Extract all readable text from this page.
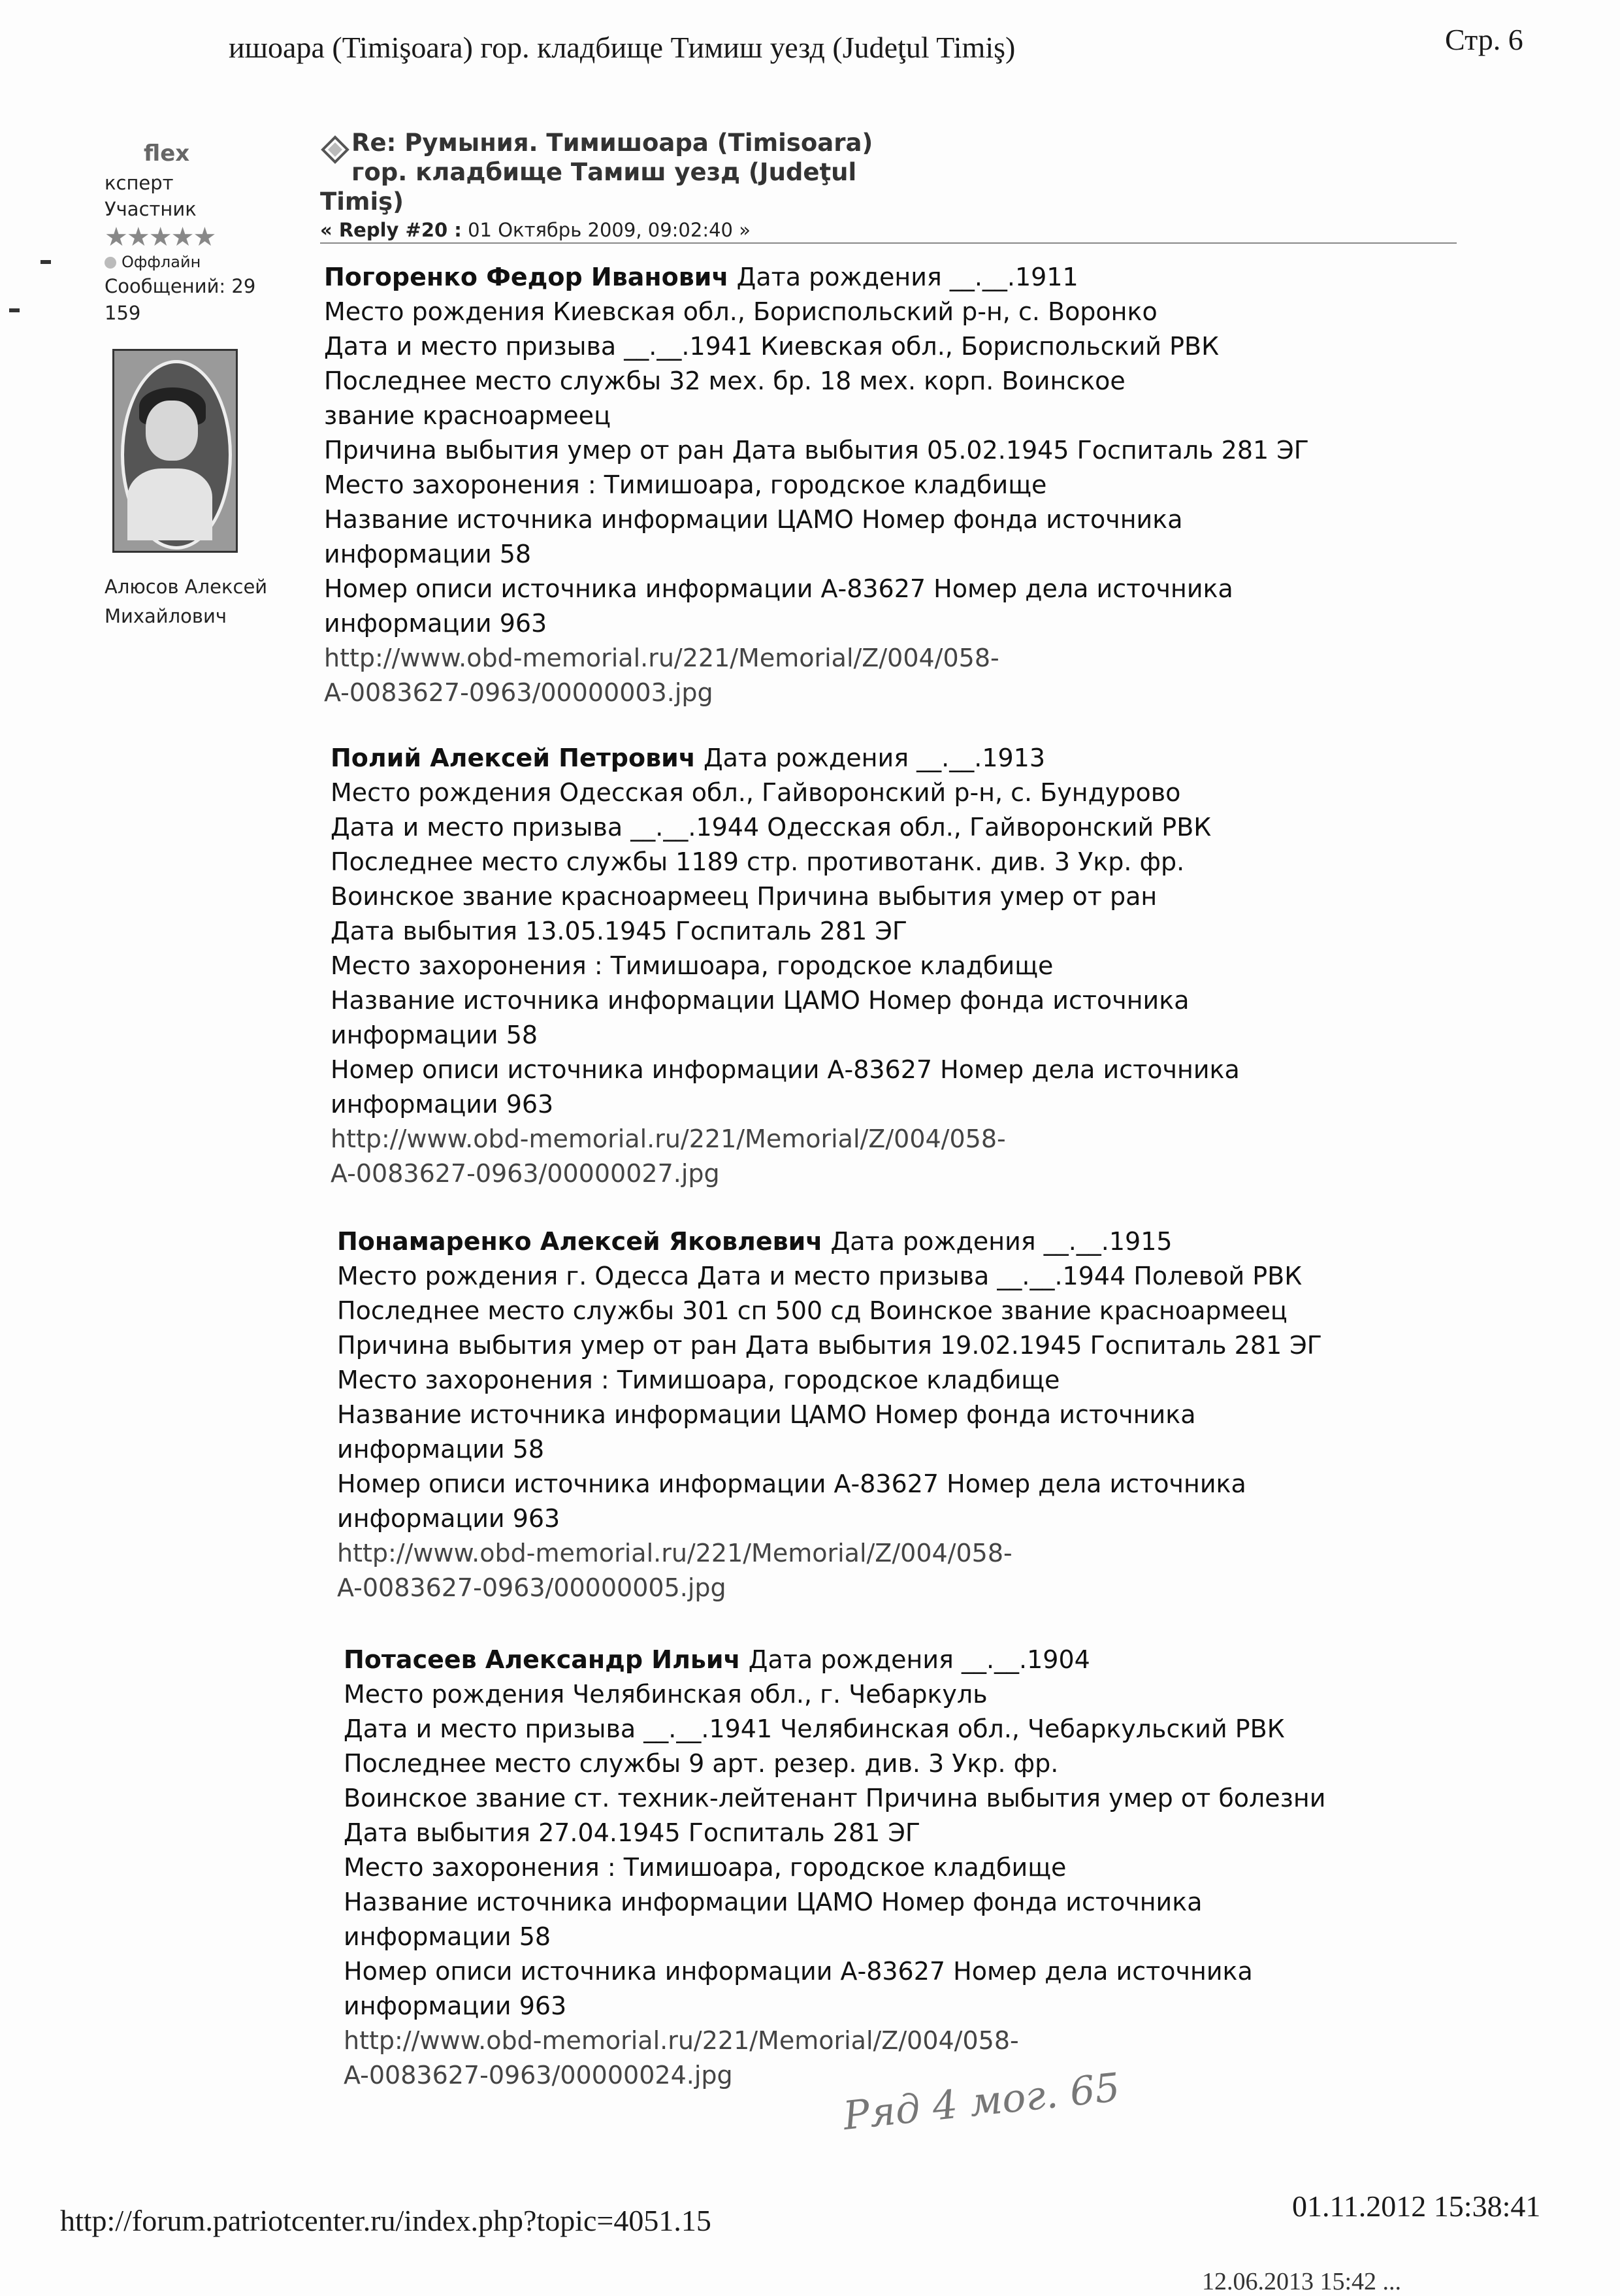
ишоара (Timişoara) гор. кладбище Тимиш уезд (Judeţul Timiş)	Стр. 6
flex
ксперт
Участник
★★★★★
Оффлайн
Сообщений: 29
159
Алюсов Алексей
Михайлович
Re: Румыния. Тимишоара (Timisoara)
гор. кладбище Тамиш уезд (Judeţul
Timiş)
« Reply #20 : 01 Октябрь 2009, 09:02:40 »
Погоренко Федор Иванович Дата рождения __.__.1911
Место рождения Киевская обл., Бориспольский р-н, с. Воронко
Дата и место призыва __.__.1941 Киевская обл., Бориспольский РВК
Последнее место службы 32 мех. бр. 18 мех. корп. Воинское
звание красноармеец
Причина выбытия умер от ран Дата выбытия 05.02.1945 Госпиталь 281 ЭГ
Место захоронения : Тимишоара, городское кладбище
Название источника информации ЦАМО Номер фонда источника
информации 58
Номер описи источника информации А-83627 Номер дела источника
информации 963
http://www.obd-memorial.ru/221/Memorial/Z/004/058-
A-0083627-0963/00000003.jpg
Полий Алексей Петрович Дата рождения __.__.1913
Место рождения Одесская обл., Гайворонский р-н, с. Бундурово
Дата и место призыва __.__.1944 Одесская обл., Гайворонский РВК
Последнее место службы 1189 стр. противотанк. див. 3 Укр. фр.
Воинское звание красноармеец Причина выбытия умер от ран
Дата выбытия 13.05.1945 Госпиталь 281 ЭГ
Место захоронения : Тимишоара, городское кладбище
Название источника информации ЦАМО Номер фонда источника
информации 58
Номер описи источника информации А-83627 Номер дела источника
информации 963
http://www.obd-memorial.ru/221/Memorial/Z/004/058-
A-0083627-0963/00000027.jpg
Понамаренко Алексей Яковлевич Дата рождения __.__.1915
Место рождения г. Одесса Дата и место призыва __.__.1944 Полевой РВК
Последнее место службы 301 сп 500 сд Воинское звание красноармеец
Причина выбытия умер от ран Дата выбытия 19.02.1945 Госпиталь 281 ЭГ
Место захоронения : Тимишоара, городское кладбище
Название источника информации ЦАМО Номер фонда источника
информации 58
Номер описи источника информации А-83627 Номер дела источника
информации 963
http://www.obd-memorial.ru/221/Memorial/Z/004/058-
A-0083627-0963/00000005.jpg
Потасеев Александр Ильич Дата рождения __.__.1904
Место рождения Челябинская обл., г. Чебаркуль
Дата и место призыва __.__.1941 Челябинская обл., Чебаркульский РВК
Последнее место службы 9 арт. резер. див. 3 Укр. фр.
Воинское звание ст. техник-лейтенант Причина выбытия умер от болезни
Дата выбытия 27.04.1945 Госпиталь 281 ЭГ
Место захоронения : Тимишоара, городское кладбище
Название источника информации ЦАМО Номер фонда источника
информации 58
Номер описи источника информации А-83627 Номер дела источника
информации 963
http://www.obd-memorial.ru/221/Memorial/Z/004/058-
A-0083627-0963/00000024.jpg	Ряд 4 мог. 65
http://forum.patriotcenter.ru/index.php?topic=4051.15	01.11.2012 15:38:41
12.06.2013 15:42 ...
